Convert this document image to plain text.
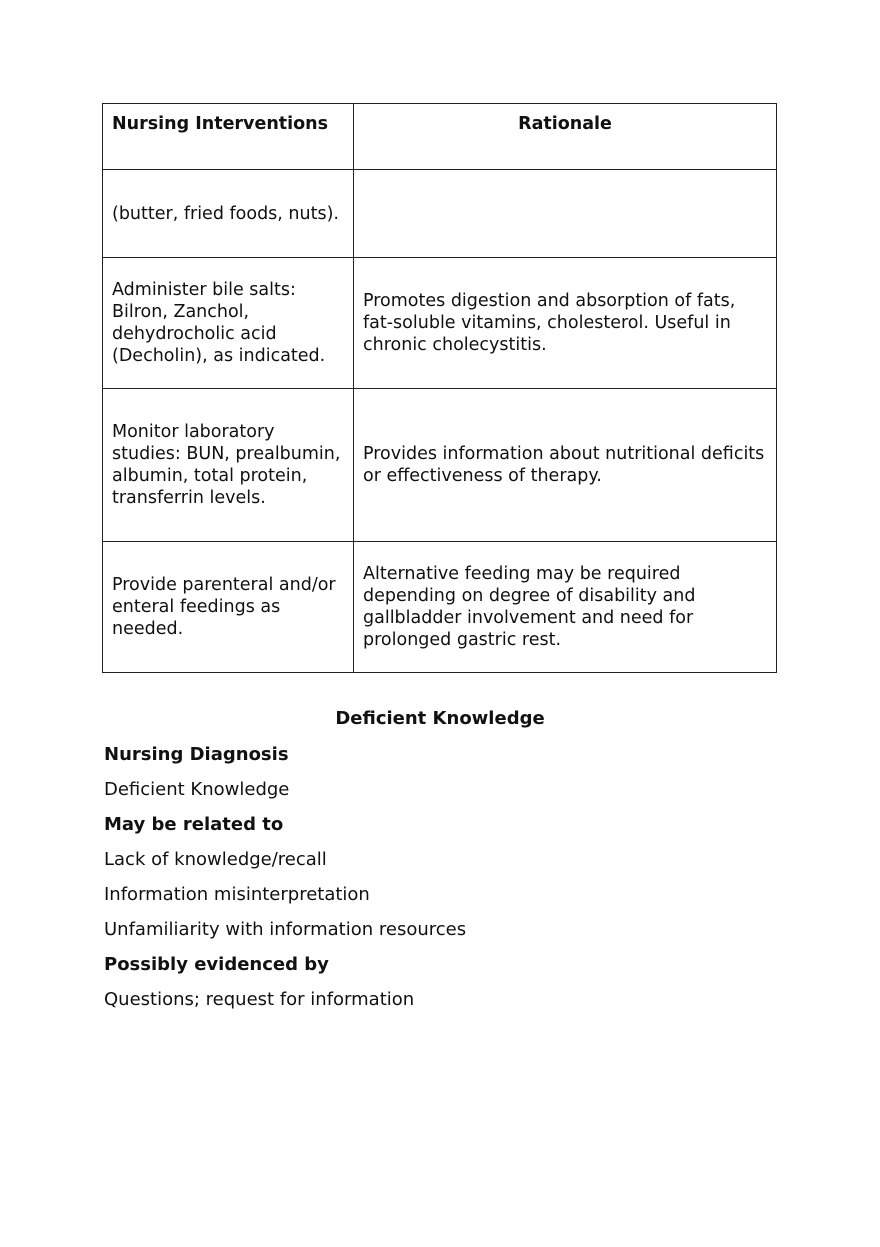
Nursing Interventions	Rationale
(butter, fried foods, nuts).	
Administer bile salts: Bilron, Zanchol, dehydrocholic acid (Decholin), as indicated.	Promotes digestion and absorption of fats, fat-soluble vitamins, cholesterol. Useful in chronic cholecystitis.
Monitor laboratory studies: BUN, prealbumin, albumin, total protein, transferrin levels.	Provides information about nutritional deficits or effectiveness of therapy.
Provide parenteral and/or enteral feedings as needed.	Alternative feeding may be required depending on degree of disability and gallbladder involvement and need for prolonged gastric rest.
Deficient Knowledge
Nursing Diagnosis
Deficient Knowledge
May be related to
Lack of knowledge/recall
Information misinterpretation
Unfamiliarity with information resources
Possibly evidenced by
Questions; request for information
